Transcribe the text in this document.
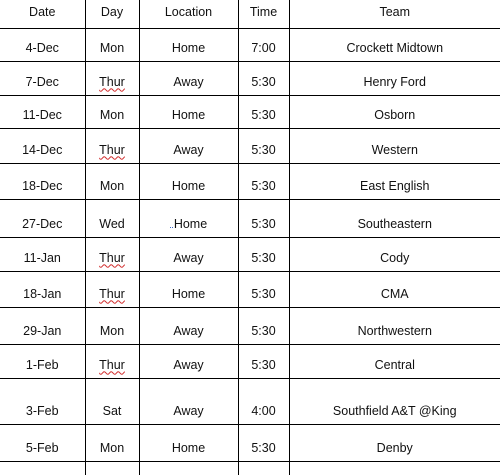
Date	Day	Location	Time	Team
4-Dec	Mon	Home	7:00	Crockett Midtown
7-Dec	Thur	Away	5:30	Henry Ford
11-Dec	Mon	Home	5:30	Osborn
14-Dec	Thur	Away	5:30	Western
18-Dec	Mon	Home	5:30	East English
27-Dec	Wed	Home	5:30	Southeastern
11-Jan	Thur	Away	5:30	Cody
18-Jan	Thur	Home	5:30	CMA
29-Jan	Mon	Away	5:30	Northwestern
1-Feb	Thur	Away	5:30	Central
3-Feb	Sat	Away	4:00	Southfield A&T @King
5-Feb	Mon	Home	5:30	Denby
